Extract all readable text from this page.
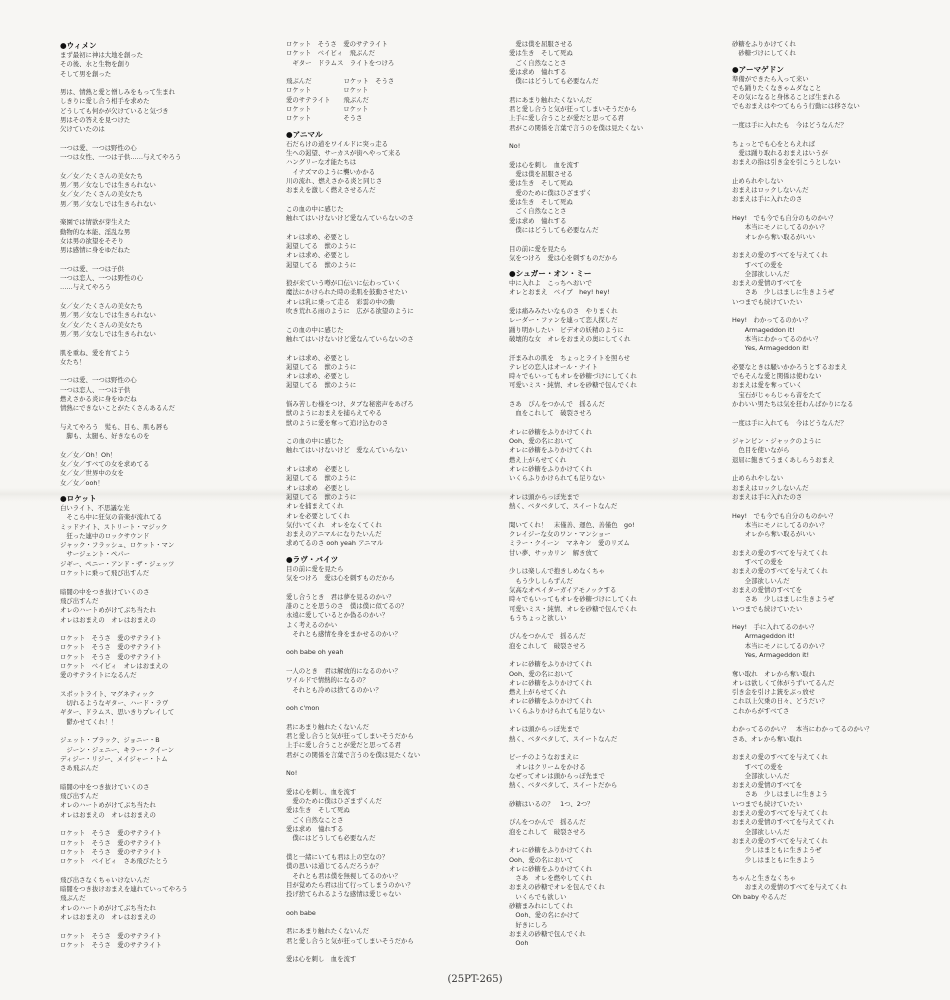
●ウィメン
まず最初に神は大地を創った
その後、水と生物を創り
そして男を創った
男は、情熱と愛と憎しみをもって生まれ
しきりに愛し合う相手を求めた
どうしても何かが欠けていると気づき
男はその答えを見つけた
欠けていたのは
一つは愛、一つは野性の心
一つは女性、一つは子供……与えてやろう
女／女／たくさんの美女たち
男／男／女なしでは生きられない
女／女／たくさんの美女たち
男／男／女なしでは生きられない
楽園では情欲が芽生えた
動物的な本能、淫乱な男
女は男の欲望をそそり
男は感情に身をゆだねた
一つは愛、一つは子供
一つは恋人、一つは野性の心
……与えてやろう
女／女／たくさんの美女たち
男／男／女なしでは生きられない
女／女／たくさんの美女たち
男／男／女なしでは生きられない
肌を重ね、愛を育てよう
女たち！
一つは愛、一つは野性の心
一つは恋人、一つは子供
燃えさかる炎に身をゆだね
情熱にできないことがたくさんあるんだ
与えてやろう　髪も、目も、肌も唇も
　脚も、太腿も、好きなものを
女／女／Oh！Oh！
女／女／すべての女を求めてる
女／女／世界中の女を
女／女／ooh！
●ロケット
白いライト、不思議な光
　そこら中に狂気の音楽が流れてる
ミッドナイト、ストリート・マジック
　狂った連中のロックサウンド
ジャック・フラッシュ、ロケット・マン
　サージェント・ペパー
ジギー、ペニー・アンド・ザ・ジェッツ
ロケットに乗って飛び出すんだ
暗闇の中をつき抜けていくのさ
飛び出すんだ
オレのハートめがけてぶち当たれ
オレはおまえの　オレはおまえの
ロケット　そうさ　愛のサテライト
ロケット　そうさ　愛のサテライト
ロケット　そうさ　愛のサテライト
ロケット　ベイビィ　オレはおまえの
愛のサテライトになるんだ
スポットライト、マグネティック
　切れるようなギター、ハード・ラヴ
ギター、ドラムス、思いきりプレイして
　鬱かせてくれ！！
ジェット・ブラック、ジョニー・B
　ジーン・ジェニー、キラー・クイーン
ディジー・リジー、メイジャー・トム
さあ飛ぶんだ
暗闇の中をつき抜けていくのさ
飛び出すんだ
オレのハートめがけてぶち当たれ
オレはおまえの　オレはおまえの
ロケット　そうさ　愛のサテライト
ロケット　そうさ　愛のサテライト
ロケット　そうさ　愛のサテライト
ロケット　ベイビィ　さあ飛びたとう
飛び出さなくちゃいけないんだ
暗闇をつき抜けおまえを連れていってやろう
飛ぶんだ
オレのハートめがけてぶち当たれ
オレはおまえの　オレはおまえの
ロケット　そうさ　愛のサテライト
ロケット　そうさ　愛のサテライト
ロケット　そうさ　愛のサテライト
ロケット　ベイビィ　飛ぶんだ
　ギター　ドラムス　ライトをつけろ
飛ぶんだ　　　　　ロケット　そうさ
ロケット　　　　　ロケット
愛のサテライト　　飛ぶんだ
ロケット　　　　　ロケット
ロケット　　　　　そうさ
●アニマル
石だらけの道をワイルドに突っ走る
生への渇望、サーカスが街へやって来る
ハングリーな才能たちは
　イナズマのように襲いかかる
川の流れ、燃えさかる炎と同じさ
おまえを激しく燃えさせるんだ
この血の中に感じた
触れてはいけないけど愛なんていらないのさ
オレは求め、必要とし
渇望してる　獣のように
オレは求め、必要とし
渇望してる　獣のように
狼が来ていう噂が口伝いに伝わっていく
魔法にかけられた時の柔肌を鼓動させたい
オレは乳に乗って走る　彩雲の中の動
吹き荒れる雨のように　広がる欲望のように
この血の中に感じた
触れてはいけないけど愛なんていらないのさ
オレは求め、必要とし
渇望してる　獣のように
オレは求め、必要とし
渇望してる　獣のように
悩み苦しむ様をつけ、タブな秘密声をあげろ
獣のようにおまえを捕らえてやる
獣のように愛を奪って追け込むのさ
この血の中に感じた
触れてはいけないけど　愛なんていらない
オレは求め　必要とし
渇望してる　獣のように
オレは求め　必要とし
渇望してる　獣のように
オレを捕まえてくれ
オレを必要としてくれ
気付いてくれ　オレをなくてくれ
おまえのアニマルになりたいんだ
求めてるのさ ooh yeah アニマル
●ラヴ・バイツ
目の前に愛を見たら
気をつけろ　愛は心を刺すものだから
愛し合うとき　君は夢を見るのかい？
誰のことを思うのさ　僕は僕に似てるの？
永遠に愛しているとか偽るのかい？
よく考えるのかい
　それとも感情を身をまかせるのかい？
ooh babe oh yeah
一人のとき　君は解放的になるのかい？
ワイルドで情熱的になるの？
　それとも冷めは捨てるのかい？
ooh c'mon
君にあまり触れたくないんだ
君と愛し合うと気が狂ってしまいそうだから
上手に愛し合うことが愛だと思ってる君
君がこの関係を言葉で言うのを僕は見たくない
No!
愛は心を刺し、血を流す
　愛のために僕はひざまずくんだ
愛は生き　そして死ぬ
　ごく自然なことさ
愛は求め　憧れする
　僕にはどうしても必要なんだ
僕と一緒にいても君は上の空なの？
僕の思いは通じてるんだろうか？
　それとも君は僕を無視してるのかい？
目が覚めたら君は出て行ってしまうのかい？
投げ捨てられるような感情は愛じゃない
ooh babe
君にあまり触れたくないんだ
君と愛し合うと気が狂ってしまいそうだから
愛は心を刺し　血を流す
　愛は僕を屈服させる
愛は生き　そして死ぬ
　ごく自然なことさ
愛は求め　憧れする
　僕にはどうしても必要なんだ
君にあまり触れたくないんだ
君と愛し合うと気が狂ってしまいそうだから
上手に愛し合うことが愛だと思ってる君
君がこの関係を言葉で言うのを僕は見たくない
No!
愛は心を刺し　血を流す
　愛は僕を屈服させる
愛は生き　そして死ぬ
　愛のために僕はひざまずく
愛は生き　そして死ぬ
　ごく自然なことさ
愛は求め　憧れする
　僕にはどうしても必要なんだ
目の前に愛を見たら
気をつけろ　愛は心を刺すものだから
●シュガー・オン・ミー
中に入れよ　こっちへおいで
オレとおまえ　ベイブ　hey! hey!
愛は痛みみたいなものさ　やりまくれ
レーダー・ファンを連って恋人探しだ
踊り明かしたい　ビデオの妖精のように
破壊的な女　オレをおまえの奥にしてくれ
汗まみれの肌を　ちょっとライトを照らせ
テレビの恋人はオール・ナイト
時々でもいってもオレを砂糖づけにしてくれ
可愛いミス・純情、オレを砂糖で包んでくれ
さあ　ぴんをつかんで　揺るんだ
　血をこれして　破裂させろ
オレに砂糖をふりかけてくれ
Ooh、愛の名において
オレに砂糖をふりかけてくれ
燃え上がらせてくれ
オレに砂糖をふりかけてくれ
いくらふりかけられても足りない
オレは頭からっぽ先まで
熱く、ベタベタして、スイートなんだ
聞いてくれ！　末僅善、運色、善僅色　go!
クレイジーな女のワン・マンショー
ミラー・クイーン　マネキン　愛のリズム
甘い夢、サッカリン　解き放て
少しは楽しんで抱きしめなくちゃ
　もう少ししらずんだ
気高なオペイターガイアモノックする
時々でもいってもオレを砂糖づけにしてくれ
可愛いミス・純情、オレを砂糖で包んでくれ
もうちょっと欲しい
ぴんをつかんで　揺るんだ
泡をこれして　破裂させろ
オレに砂糖をふりかけてくれ
Ooh、愛の名において
オレに砂糖をふりかけてくれ
燃え上がらせてくれ
オレに砂糖をふりかけてくれ
いくらふりかけられても足りない
オレは頭からっぽ先まで
熱く、ベタベタして、スイートなんだ
ピーチのようなおまえに
　オレはクリームをかける
なぜってオレは頭からっぽ先まで
熱く、ベタベタして、スイートだから
砂糖はいるの？　1つ、2つ？
ぴんをつかんで　揺るんだ
泡をこれして　破裂させろ
オレに砂糖をふりかけてくれ
Ooh、愛の名において
オレに砂糖をふりかけてくれ
　さあ　オレを燃やしてくれ
おまえの砂糖でオレを包んでくれ
　いくらでも欲しい
砂糖まみれにしてくれ
　Ooh、愛の名にかけて
　好きにしろ
おまえの砂糖で包んでくれ
　Ooh
砂糖をふりかけてくれ
　砂糖づけにしてくれ
●アーマゲドン
準備ができたら入って来い
でも踊りたくなきゃムダなこと
その気になると身体ることば生まれる
でもおまえはやつてもらう行動には移さない
一度は手に入れたも　今はどうなんだ？
ちょっとでも心をとらえれば
　愛は踊り取れるおまえはいうが
おまえの指は引き金を引こうとしない
止められやしない
おまえはロックしないんだ
おまえは手に入れたのさ
Hey!　でも今でも自分のものかい？
　　本当にモノにしてるのかい？
　　オレから奪い取るがいい
おまえの愛のすべてを与えてくれ
　　すべての愛を
　　全部欲しいんだ
おまえの愛情のすべてを
　　さあ　少しはましに生きようぜ
いつまでも続けていたい
Hey!　わかってるのかい？
　　Armageddon it!
　　本当にわかってるのかい？
　　Yes, Armageddon it!
必要なときは騒いかかろうとするおまえ
でもそんな愛と関係は使わない
おまえは愛を奪っていく
　宝石がじゃらじゃら音をたて
かわいい男たちは気を狂わんばかりになる
一度は手に入れても　今はどうなんだ？
ジャンピン・ジャックのように
　色目を使いながら
退屈に飽きてうまくあしらうおまえ
止められやしない
おまえはロックしないんだ
おまえは手に入れたのさ
Hey!　でも今でも自分のものかい？
　　本当にモノにしてるのかい？
　　オレから奪い取るがいい
おまえの愛のすべてを与えてくれ
　　すべての愛を
おまえの愛のすべてを与えてくれ
　　全部欲しいんだ
おまえの愛情のすべてを
　　さあ　少しはましに生きようぜ
いつまでも続けていたい
Hey!　手に入れてるのかい？
　　Armageddon it!
　　本当にモノにしてるのかい？
　　Yes, Armageddon it!
奪い取れ　オレから奪い取れ
オレは欲しくて体がうずいてるんだ
引き金を引けよ銃をぶっ放せ
これ以上欠乗の日々、どうだい？
これからがすべてさ
わかってるのかい？　本当にわかってるのかい？
さあ、オレから奪い取れ
おまえの愛のすべてを与えてくれ
　　すべての愛を
　　全部欲しいんだ
おまえの愛情のすべてを
　　さあ　少しはましに生きよう
いつまでも続けていたい
おまえの愛のすべてを与えてくれ
おまえの愛情のすべてを与えてくれ
　　全部欲しいんだ
おまえの愛のすべてを与えてくれ
　　少しはまともに生きようぜ
　　少しはまともに生きよう
ちゃんと生きなくちゃ
　　おまえの愛情のすべてを与えてくれ
Oh baby やるんだ
(25PT-265)
